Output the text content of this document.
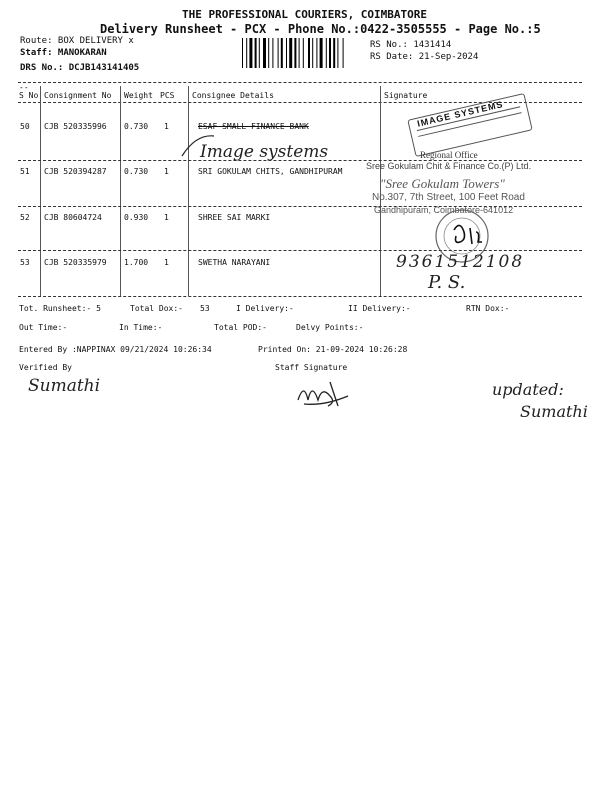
THE PROFESSIONAL COURIERS, COIMBATORE
Delivery Runsheet - PCX - Phone No.:0422-3505555 - Page No.:5
Route: BOX DELIVERY x
Staff: MANOKARAN
DRS No.: DCJB143141405
RS No.: 1431414
RS Date: 21-Sep-2024
--
S No Consignment No Weight PCS Consignee Details	Signature
50 CJB 520335996 0.730 1	ESAF SMALL FINANCE BANK
Image systems
IMAGE SYSTEMS
Regional Office
51 CJB 520394287 0.730 1	SRI GOKULAM CHITS, GANDHIPURAM
Sree Gokulam Chit & Finance Co.(P) Ltd.
"Sree Gokulam Towers"
No.307, 7th Street, 100 Feet Road
Gandhipuram, Coimbatore-641012
52 CJB 80604724	0.930 1	SHREE SAI MARKI
53 CJB 520335979 1.700 1	SWETHA NARAYANI	9361512108
P. S.
Tot. Runsheet:- 5	Total Dox:- 53	I Delivery:-	II Delivery:-	RTN Dox:-
Out Time:-	In Time:-	Total POD:-	Delvy Points:-
Entered By :NAPPINAX 09/21/2024 10:26:34	Printed On: 21-09-2024 10:26:28
Verified By	Staff Signature
Sumathi	updated:
Sumathi
